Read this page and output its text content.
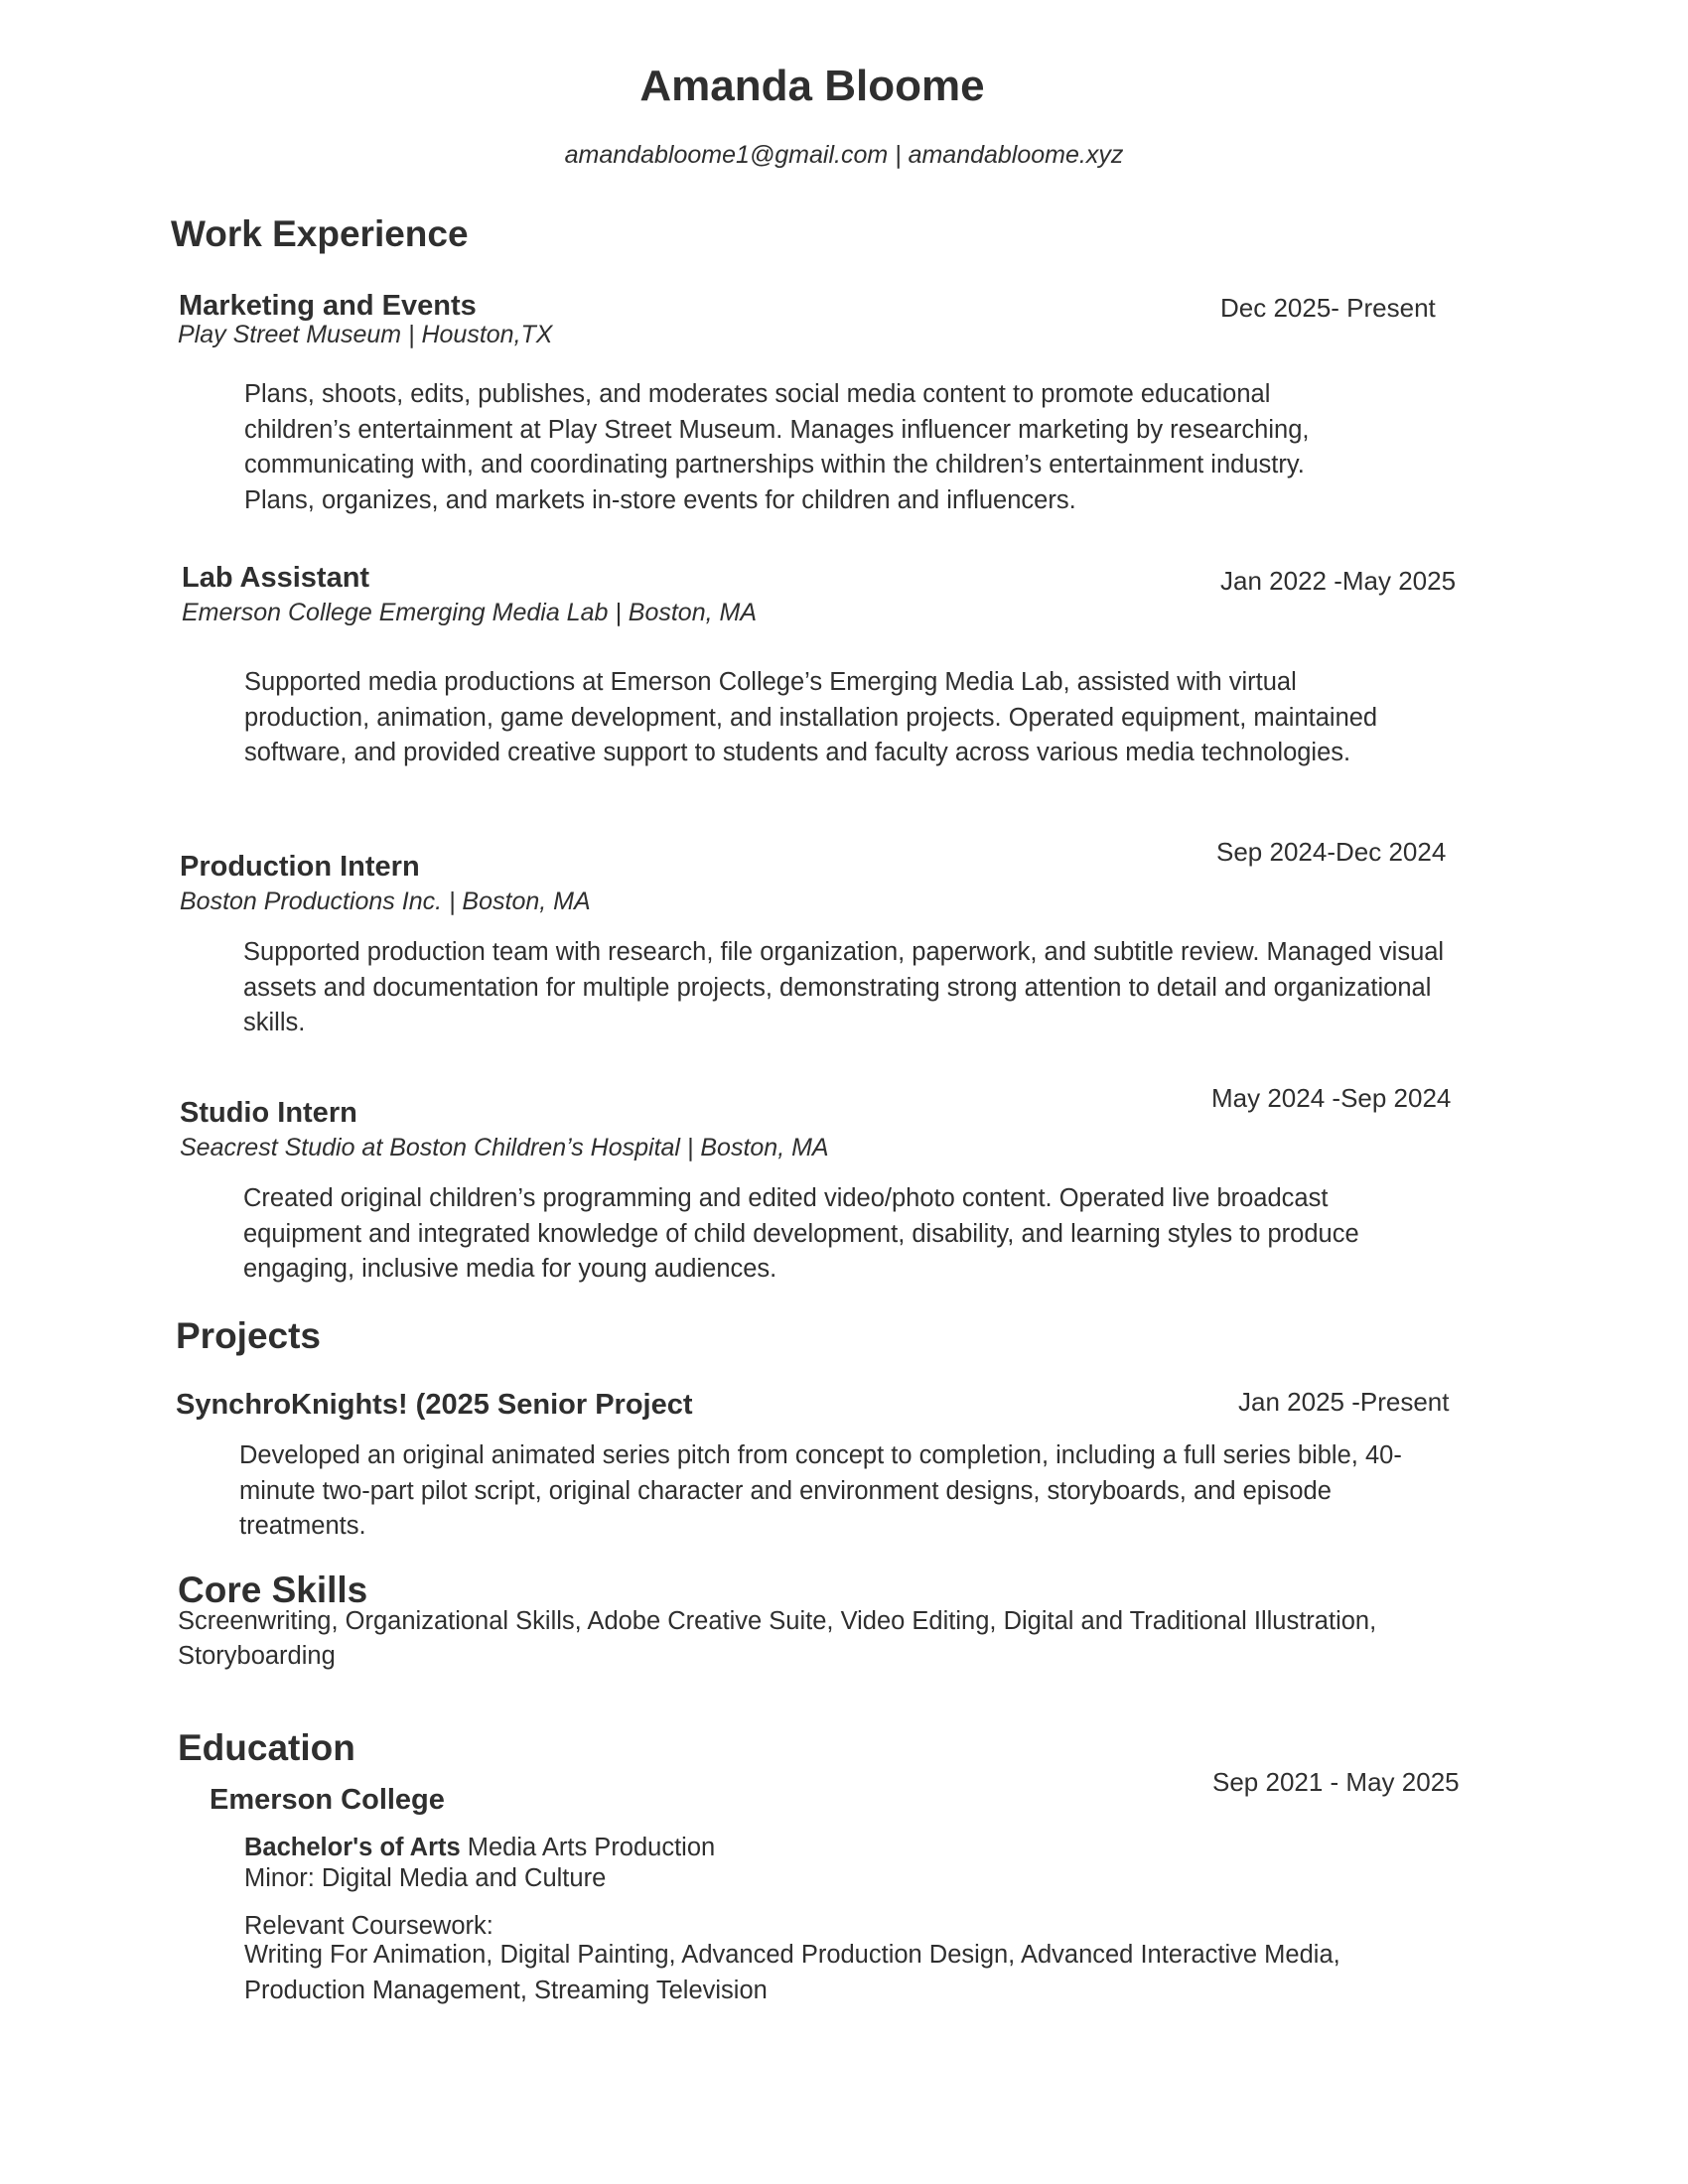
Amanda Bloome
amandabloome1@gmail.com | amandabloome.xyz
Work Experience
Marketing and Events	Dec 2025- Present
Play Street Museum | Houston,TX
Plans, shoots, edits, publishes, and moderates social media content to promote educational children’s entertainment at Play Street Museum. Manages influencer marketing by researching, communicating with, and coordinating partnerships within the children’s entertainment industry. Plans, organizes, and markets in-store events for children and influencers.
Lab Assistant	Jan 2022 -May 2025
Emerson College Emerging Media Lab | Boston, MA
Supported media productions at Emerson College’s Emerging Media Lab, assisted with virtual production, animation, game development, and installation projects. Operated equipment, maintained software, and provided creative support to students and faculty across various media technologies.
Production Intern	Sep 2024-Dec 2024
Boston Productions Inc. | Boston, MA
Supported production team with research, file organization, paperwork, and subtitle review. Managed visual assets and documentation for multiple projects, demonstrating strong attention to detail and organizational skills.
Studio Intern	May 2024 -Sep 2024
Seacrest Studio at Boston Children’s Hospital | Boston, MA
Created original children’s programming and edited video/photo content. Operated live broadcast equipment and integrated knowledge of child development, disability, and learning styles to produce engaging, inclusive media for young audiences.
Projects
SynchroKnights! (2025 Senior Project	Jan 2025 -Present
Developed an original animated series pitch from concept to completion, including a full series bible, 40-minute two-part pilot script, original character and environment designs, storyboards, and episode treatments.
Core Skills
Screenwriting, Organizational Skills, Adobe Creative Suite, Video Editing, Digital and Traditional Illustration, Storyboarding
Education
Emerson College
Sep 2021 - May 2025
Bachelor's of Arts Media Arts Production
Minor: Digital Media and Culture
Relevant Coursework:
Writing For Animation, Digital Painting, Advanced Production Design, Advanced Interactive Media, Production Management, Streaming Television
